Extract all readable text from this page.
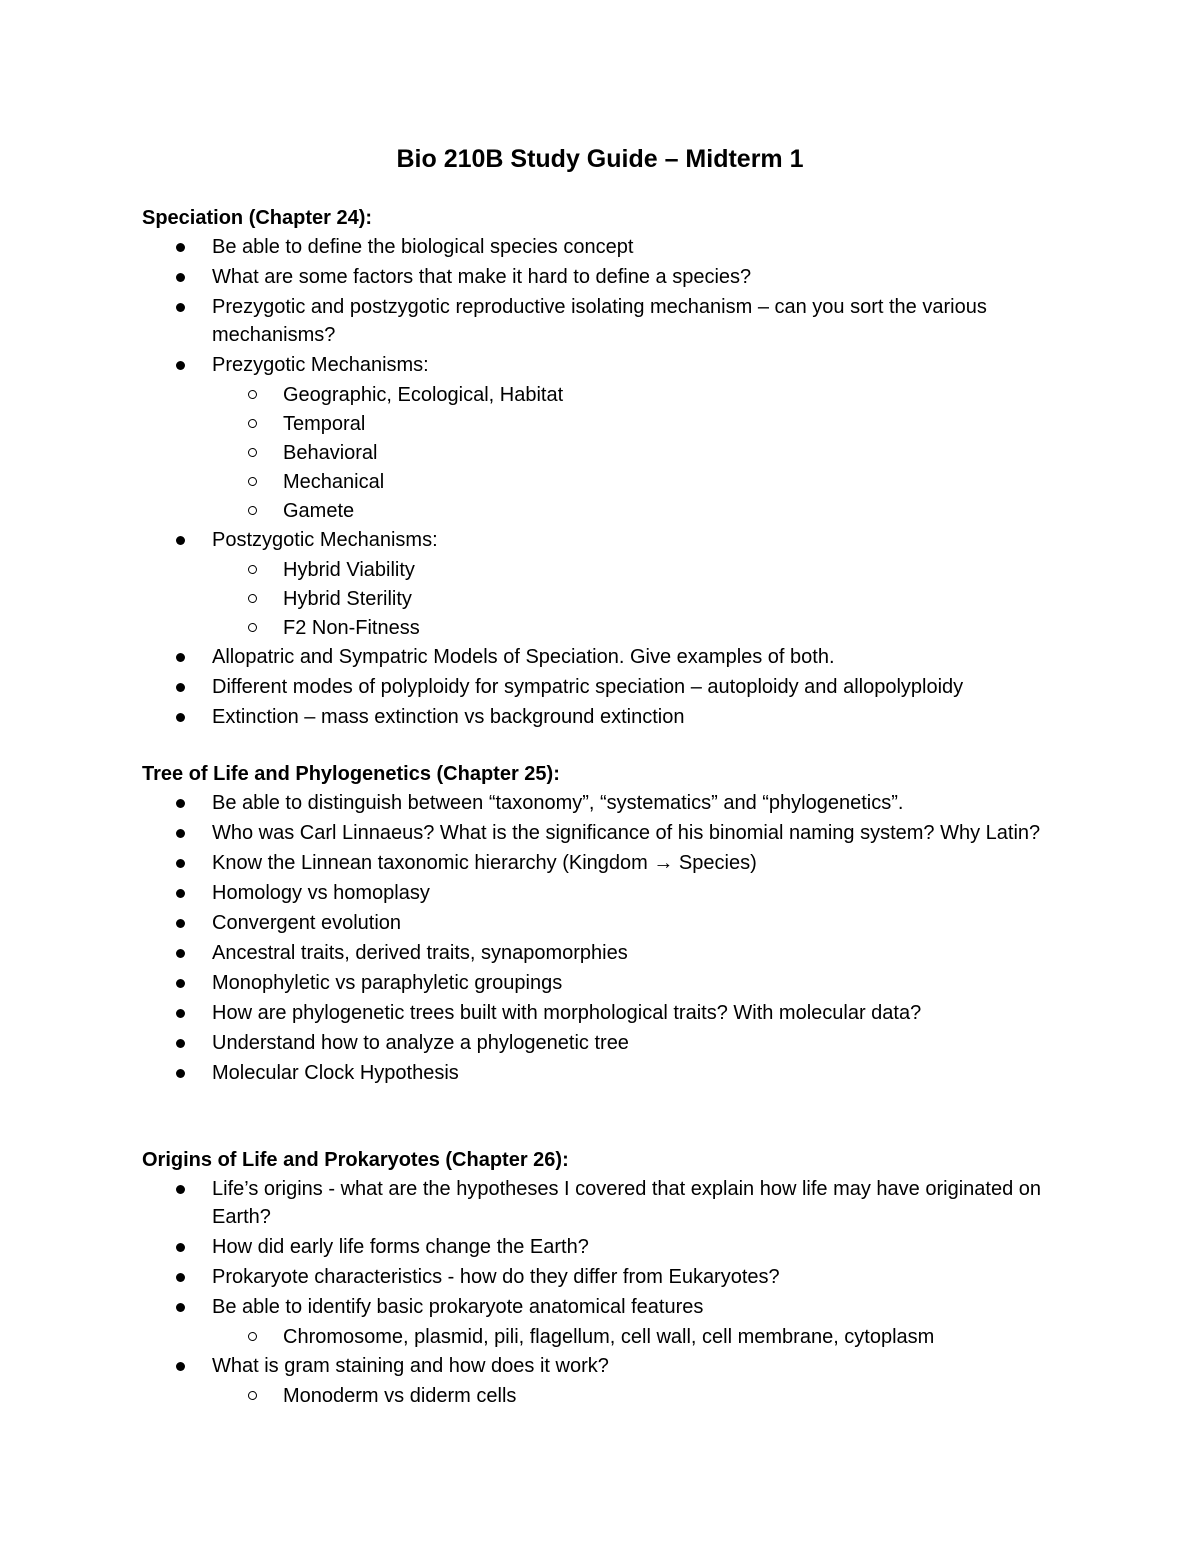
Bio 210B Study Guide – Midterm 1
Speciation (Chapter 24):
Be able to define the biological species concept
What are some factors that make it hard to define a species?
Prezygotic and postzygotic reproductive isolating mechanism – can you sort the various mechanisms?
Prezygotic Mechanisms:
Geographic, Ecological, Habitat
Temporal
Behavioral
Mechanical
Gamete
Postzygotic Mechanisms:
Hybrid Viability
Hybrid Sterility
F2 Non-Fitness
Allopatric and Sympatric Models of Speciation. Give examples of both.
Different modes of polyploidy for sympatric speciation – autoploidy and allopolyploidy
Extinction – mass extinction vs background extinction
Tree of Life and Phylogenetics (Chapter 25):
Be able to distinguish between “taxonomy”, “systematics” and “phylogenetics”.
Who was Carl Linnaeus? What is the significance of his binomial naming system? Why Latin?
Know the Linnean taxonomic hierarchy (Kingdom → Species)
Homology vs homoplasy
Convergent evolution
Ancestral traits, derived traits, synapomorphies
Monophyletic vs paraphyletic groupings
How are phylogenetic trees built with morphological traits? With molecular data?
Understand how to analyze a phylogenetic tree
Molecular Clock Hypothesis
Origins of Life and Prokaryotes (Chapter 26):
Life’s origins - what are the hypotheses I covered that explain how life may have originated on Earth?
How did early life forms change the Earth?
Prokaryote characteristics - how do they differ from Eukaryotes?
Be able to identify basic prokaryote anatomical features
Chromosome, plasmid, pili, flagellum, cell wall, cell membrane, cytoplasm
What is gram staining and how does it work?
Monoderm vs diderm cells
